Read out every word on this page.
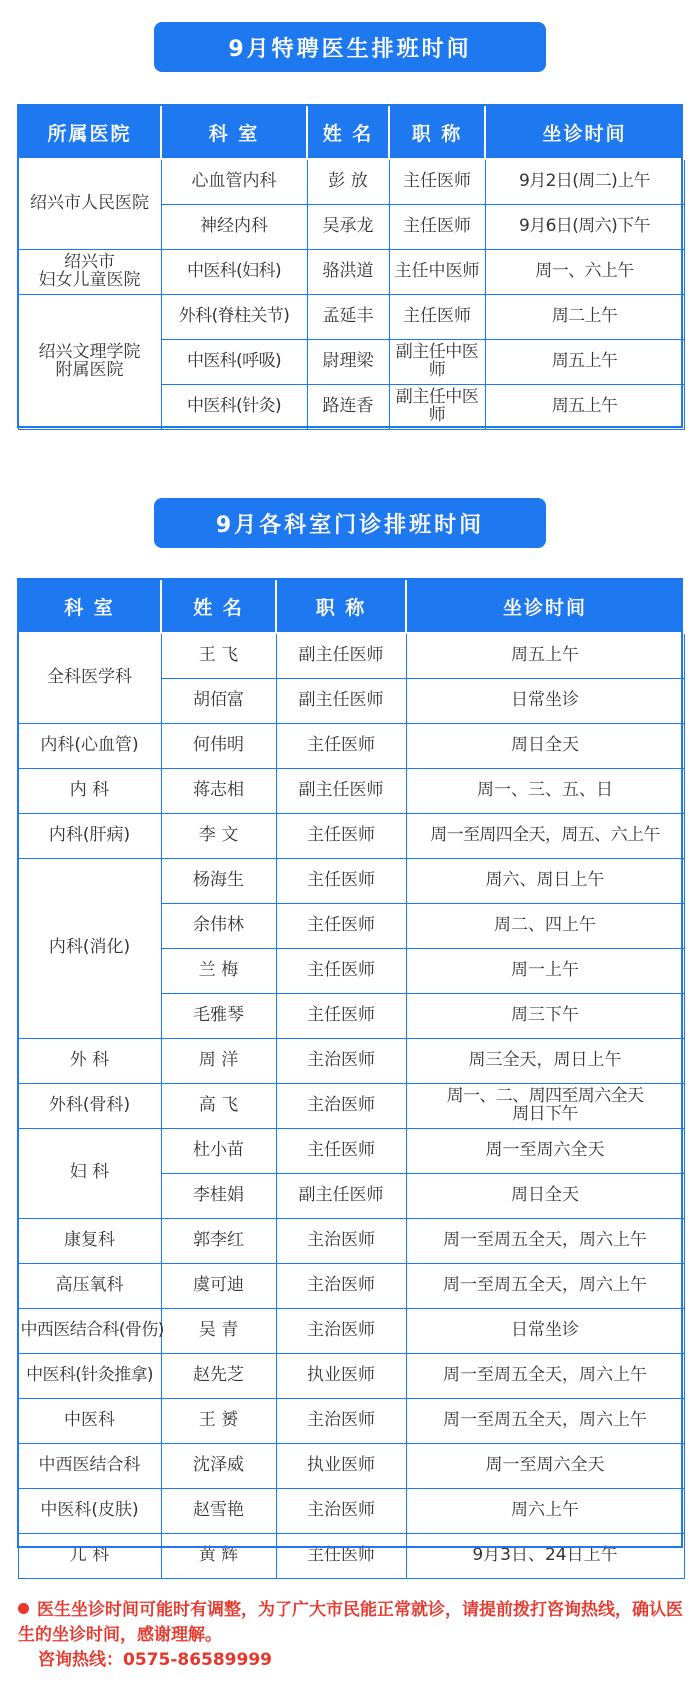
9月特聘医生排班时间
所属医院	科 室	姓 名	职 称	坐诊时间
绍兴市人民医院	心血管内科	彭 放	主任医师	9月2日(周二)上午
	神经内科	吴承龙	主任医师	9月6日(周六)下午
绍兴市
妇女儿童医院	中医科(妇科)	骆洪道	主任中医师	周一、六上午
绍兴文理学院
附属医院	外科(脊柱关节)	孟延丰	主任医师	周二上午
	中医科(呼吸)	尉理梁	副主任中医师	周五上午
	中医科(针灸)	路连香	副主任中医师	周五上午
9月各科室门诊排班时间
科 室	姓 名	职 称	坐诊时间
全科医学科	王 飞	副主任医师	周五上午
	胡佰富	副主任医师	日常坐诊
内科(心血管)	何伟明	主任医师	周日全天
内 科	蒋志相	副主任医师	周一、三、五、日
内科(肝病)	李 文	主任医师	周一至周四全天，周五、六上午
内科(消化)	杨海生	主任医师	周六、周日上午
	余伟林	主任医师	周二、四上午
	兰 梅	主任医师	周一上午
	毛雅琴	主任医师	周三下午
外 科	周 洋	主治医师	周三全天，周日上午
外科(骨科)	高 飞	主治医师	周一、二、周四至周六全天
周日下午
妇 科	杜小苗	主任医师	周一至周六全天
	李桂娟	副主任医师	周日全天
康复科	郭李红	主治医师	周一至周五全天，周六上午
高压氧科	虞可迪	主治医师	周一至周五全天，周六上午
中西医结合科(骨伤)	吴 青	主治医师	日常坐诊
中医科(针灸推拿)	赵先芝	执业医师	周一至周五全天，周六上午
中医科	王 赟	主治医师	周一至周五全天，周六上午
中西医结合科	沈泽威	执业医师	周一至周六全天
中医科(皮肤)	赵雪艳	主治医师	周六上午
儿 科	黄 辉	主任医师	9月3日、24日上午
医生坐诊时间可能时有调整，为了广大市民能正常就诊，请提前拨打咨询热线，确认医生的坐诊时间，感谢理解。
咨询热线：0575-86589999
